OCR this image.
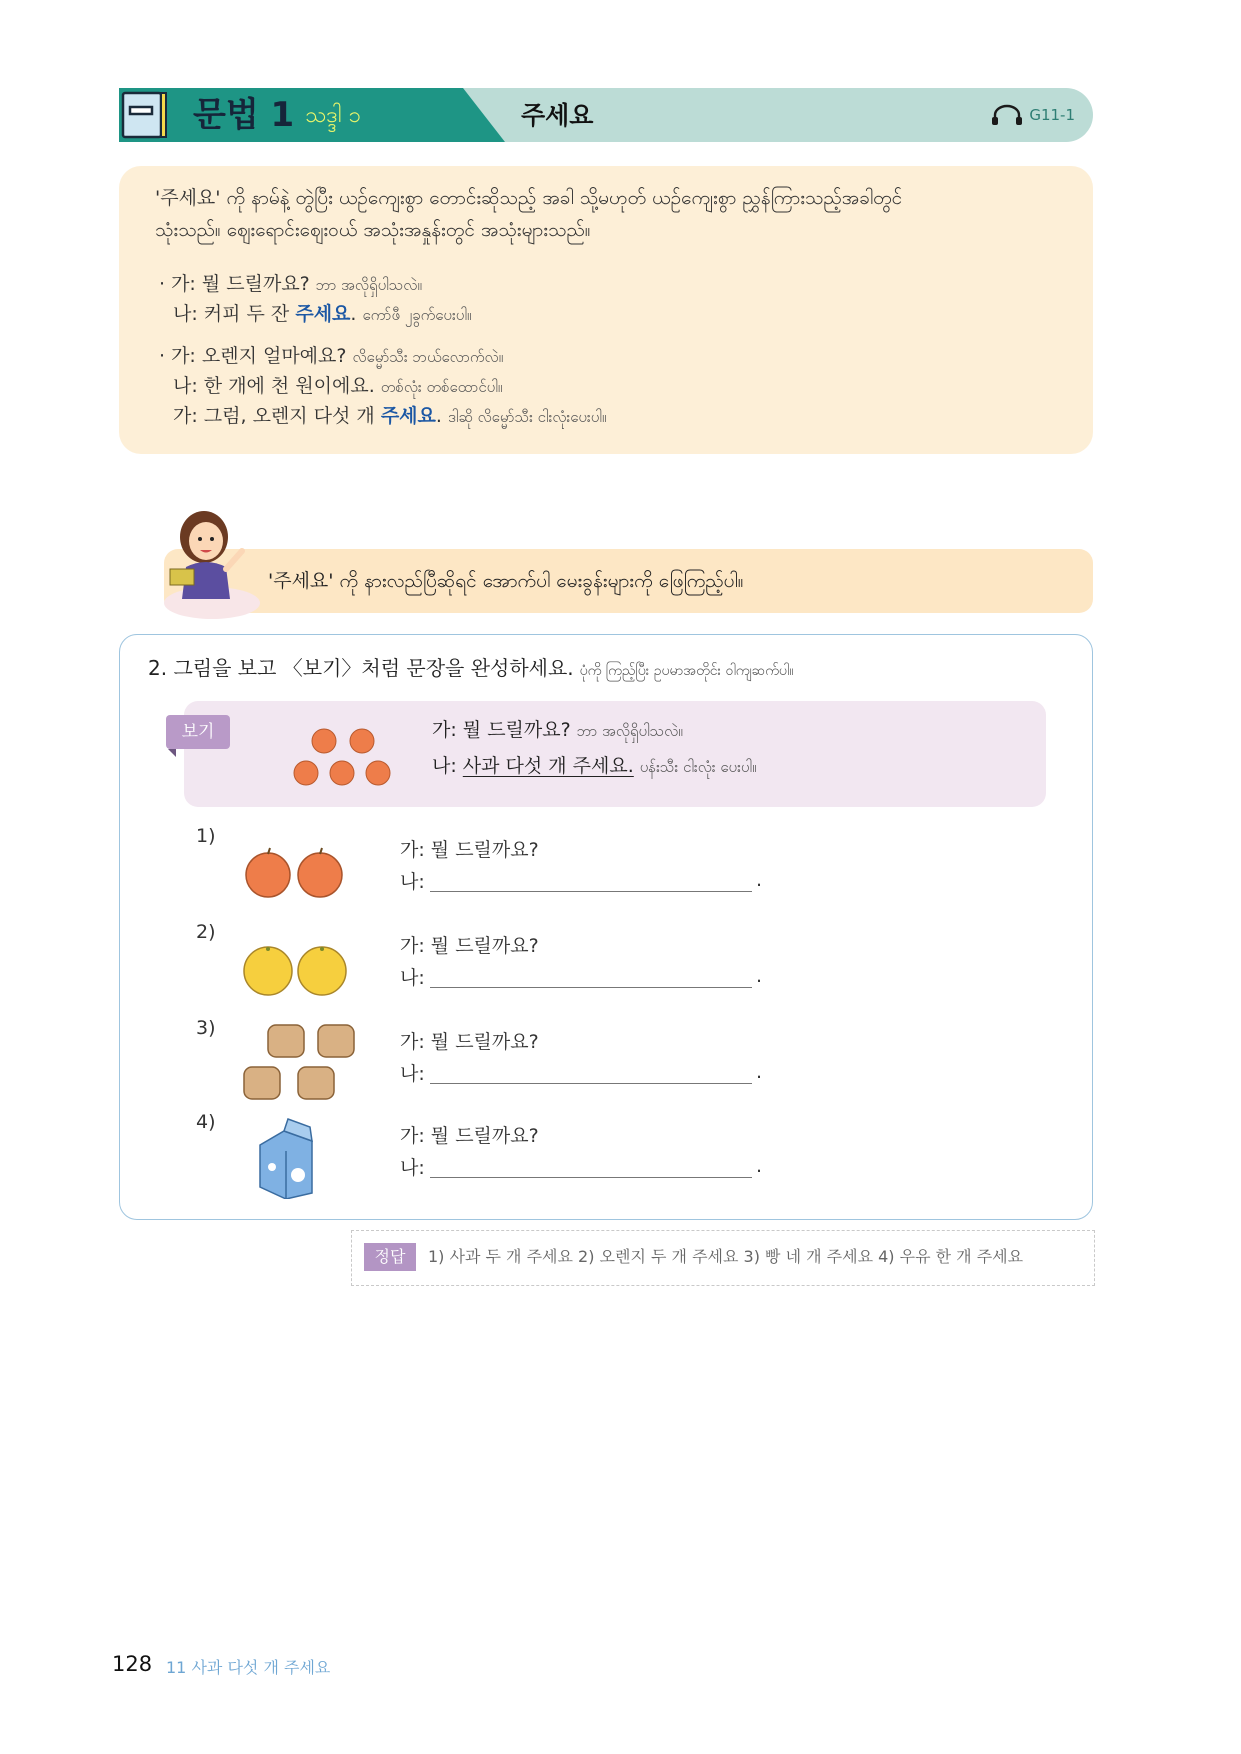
문법 1 သဒ္ဒါ ၁	주세요	G11-1
'주세요' ကို နာမ်နဲ့ တွဲပြီး ယဉ်ကျေးစွာ တောင်းဆိုသည့် အခါ သို့မဟုတ် ယဉ်ကျေးစွာ ညွှန်ကြားသည့်အခါတွင်
သုံးသည်။ ဈေးရောင်းဈေးဝယ် အသုံးအနှုန်းတွင် အသုံးများသည်။
· 가: 뭘 드릴까요? ဘာ အလိုရှိပါသလဲ။
나: 커피 두 잔 주세요. ကော်ဖီ ၂ခွက်ပေးပါ။
· 가: 오렌지 얼마예요? လိမ္မော်သီး ဘယ်လောက်လဲ။
나: 한 개에 천 원이에요. တစ်လုံး တစ်ထောင်ပါ။
가: 그럼, 오렌지 다섯 개 주세요. ဒါဆို လိမ္မော်သီး ငါးလုံးပေးပါ။
'주세요' ကို နားလည်ပြီဆိုရင် အောက်ပါ မေးခွန်းများကို ဖြေကြည့်ပါ။
2. 그림을 보고 〈보기〉처럼 문장을 완성하세요. ပုံကို ကြည့်ပြီး ဥပမာအတိုင်း ဝါကျဆက်ပါ။
보기	가: 뭘 드릴까요? ဘာ အလိုရှိပါသလဲ။
나: 사과 다섯 개 주세요. ပန်းသီး ငါးလုံး ပေးပါ။
1)
가: 뭘 드릴까요?
나:	.
2)
가: 뭘 드릴까요?
나:	.
3)
가: 뭘 드릴까요?
나:	.
4)
가: 뭘 드릴까요?
나:	.
정답	1) 사과 두 개 주세요 2) 오렌지 두 개 주세요 3) 빵 네 개 주세요 4) 우유 한 개 주세요
128 11 사과 다섯 개 주세요
